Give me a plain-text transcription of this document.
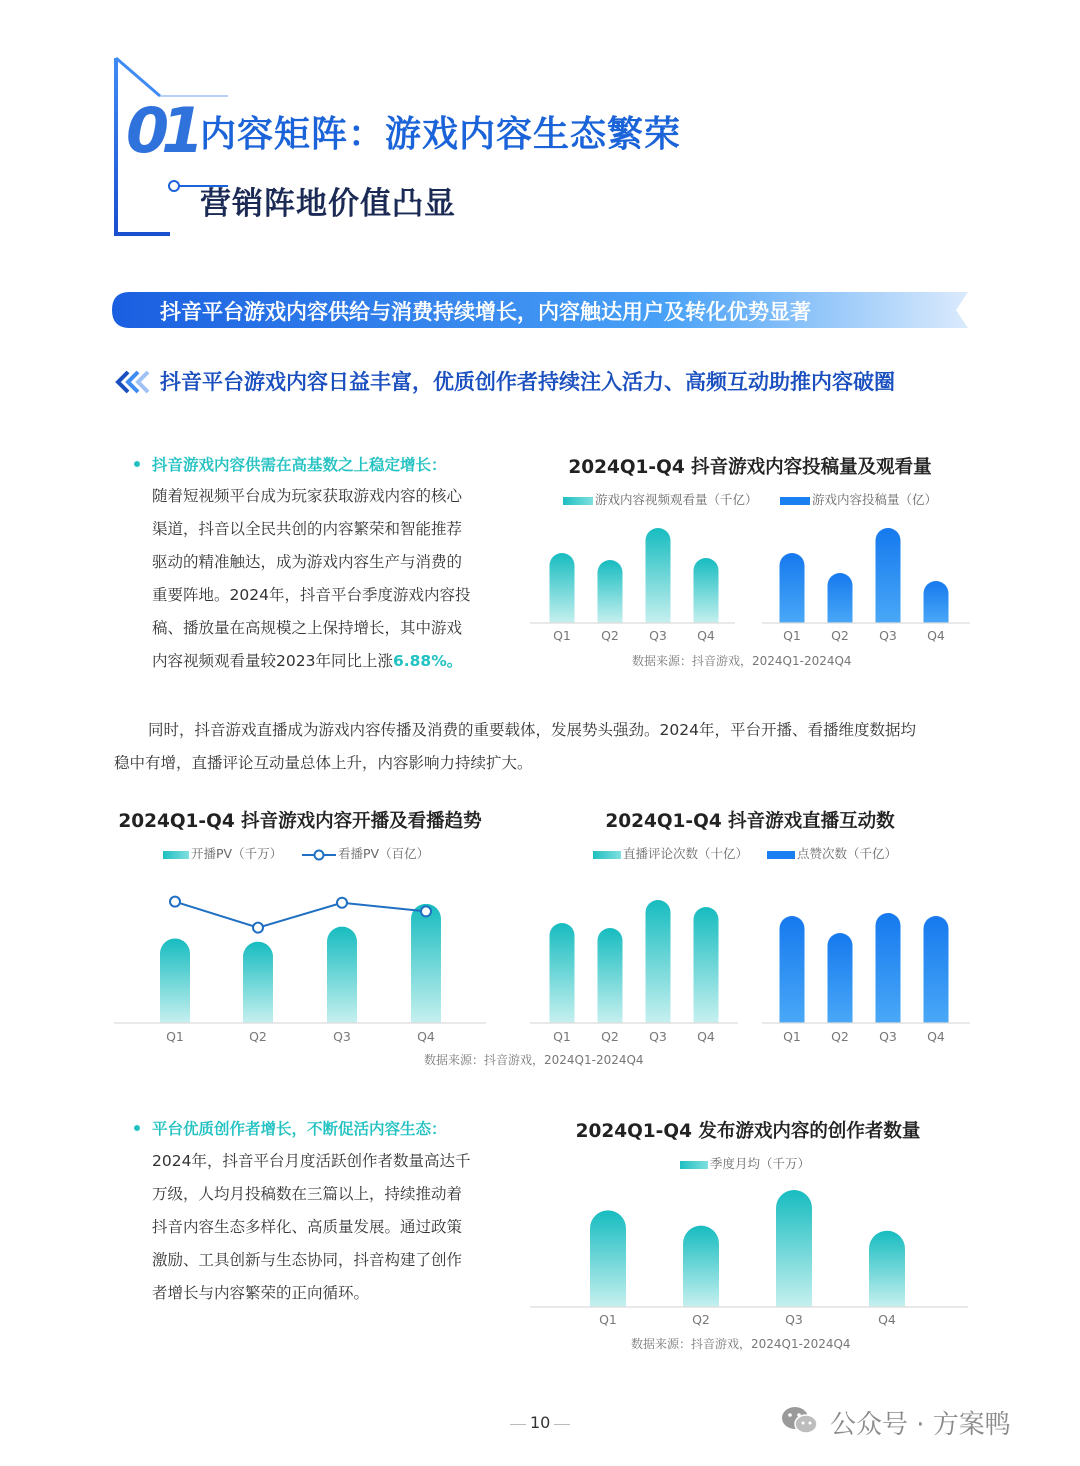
01 内容矩阵：游戏内容生态繁荣
营销阵地价值凸显
抖音平台游戏内容供给与消费持续增长，内容触达用户及转化优势显著
抖音平台游戏内容日益丰富，优质创作者持续注入活力、高频互动助推内容破圈
抖音游戏内容供需在高基数之上稳定增长：
随着短视频平台成为玩家获取游戏内容的核心
渠道，抖音以全民共创的内容繁荣和智能推荐
驱动的精准触达，成为游戏内容生产与消费的
重要阵地。2024年，抖音平台季度游戏内容投
稿、播放量在高规模之上保持增长，其中游戏
内容视频观看量较2023年同比上涨6.88%。
2024Q1-Q4 抖音游戏内容投稿量及观看量
游戏内容视频观看量（千亿）	游戏内容投稿量（亿）
Q1 Q2 Q3 Q4	Q1 Q2 Q3 Q4
数据来源：抖音游戏，2024Q1-2024Q4
同时，抖音游戏直播成为游戏内容传播及消费的重要载体，发展势头强劲。2024年，平台开播、看播维度数据均
稳中有增，直播评论互动量总体上升，内容影响力持续扩大。
2024Q1-Q4 抖音游戏内容开播及看播趋势
开播PV（千万）	看播PV（百亿）
Q1	Q2	Q3	Q4
2024Q1-Q4 抖音游戏直播互动数
直播评论次数（十亿）	点赞次数（千亿）
Q1 Q2 Q3 Q4	Q1 Q2 Q3 Q4
数据来源：抖音游戏，2024Q1-2024Q4
平台优质创作者增长，不断促活内容生态：
2024年，抖音平台月度活跃创作者数量高达千
万级，人均月投稿数在三篇以上，持续推动着
抖音内容生态多样化、高质量发展。通过政策
激励、工具创新与生态协同，抖音构建了创作
者增长与内容繁荣的正向循环。
2024Q1-Q4 发布游戏内容的创作者数量
季度月均（千万）
Q1	Q2	Q3	Q4
数据来源：抖音游戏，2024Q1-2024Q4
10	公众号 · 方案鸭
